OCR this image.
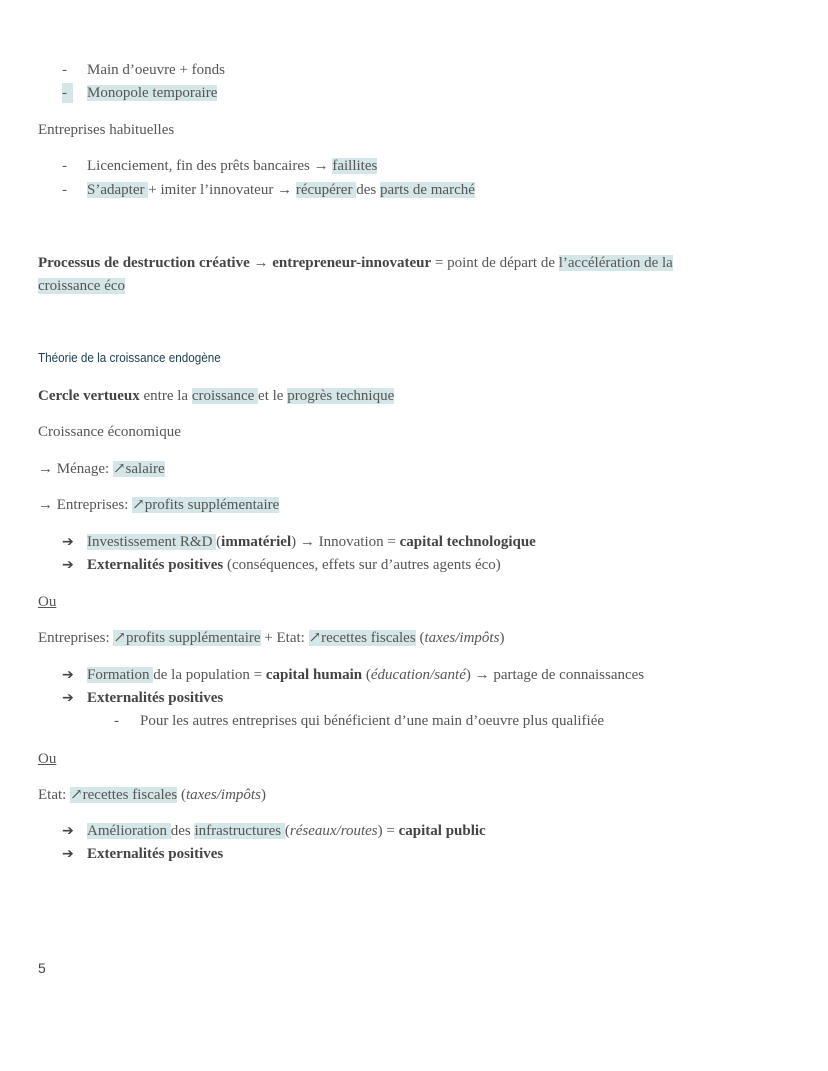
- Main d’oeuvre + fonds
-	Monopole temporaire
Entreprises habituelles
- Licenciement, fin des prêts bancaires → faillites
- S’adapter + imiter l’innovateur → récupérer des parts de marché
Processus de destruction créative → entrepreneur-innovateur = point de départ de l’accélération de la
croissance éco
Théorie de la croissance endogène
Cercle vertueux entre la croissance et le progrès technique
Croissance économique
→ Ménage: ↗salaire
→ Entreprises: ↗profits supplémentaire
➔ Investissement R&D (immatériel) → Innovation = capital technologique
➔ Externalités positives (conséquences, effets sur d’autres agents éco)
Ou
Entreprises: ↗profits supplémentaire + Etat: ↗recettes fiscales (taxes/impôts)
➔ Formation de la population = capital humain (éducation/santé) → partage de connaissances
➔ Externalités positives
- Pour les autres entreprises qui bénéficient d’une main d’oeuvre plus qualifiée
Ou
Etat: ↗recettes fiscales (taxes/impôts)
➔ Amélioration des infrastructures (réseaux/routes) = capital public
➔ Externalités positives
5
